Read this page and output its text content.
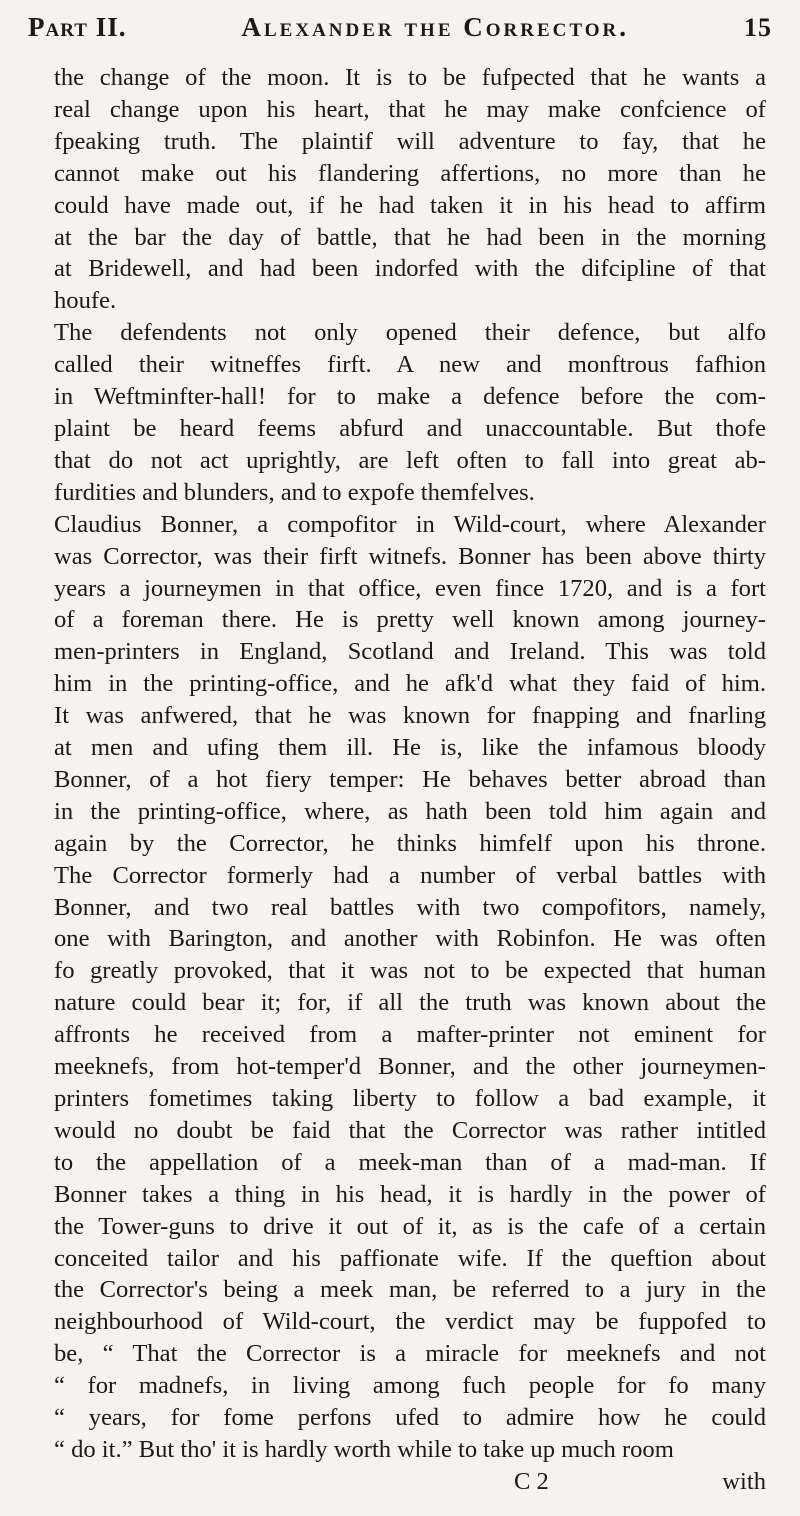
Part II.	Alexander the Corrector.	15
the change of the moon. It is to be fufpected that he wants a
real change upon his heart, that he may make confcience of
fpeaking truth. The plaintif will adventure to fay, that he
cannot make out his flandering affertions, no more than he
could have made out, if he had taken it in his head to affirm
at the bar the day of battle, that he had been in the morning
at Bridewell, and had been indorfed with the difcipline of that
houfe.
The defendents not only opened their defence, but alfo
called their witneffes firft. A new and monftrous fafhion
in Weftminfter-hall! for to make a defence before the com-
plaint be heard feems abfurd and unaccountable. But thofe
that do not act uprightly, are left often to fall into great ab-
furdities and blunders, and to expofe themfelves.
Claudius Bonner, a compofitor in Wild-court, where Alexander
was Corrector, was their firft witnefs. Bonner has been above thirty
years a journeymen in that office, even fince 1720, and is a fort
of a foreman there. He is pretty well known among journey-
men-printers in England, Scotland and Ireland. This was told
him in the printing-office, and he afk'd what they faid of him.
It was anfwered, that he was known for fnapping and fnarling
at men and ufing them ill. He is, like the infamous bloody
Bonner, of a hot fiery temper: He behaves better abroad than
in the printing-office, where, as hath been told him again and
again by the Corrector, he thinks himfelf upon his throne.
The Corrector formerly had a number of verbal battles with
Bonner, and two real battles with two compofitors, namely,
one with Barington, and another with Robinfon. He was often
fo greatly provoked, that it was not to be expected that human
nature could bear it; for, if all the truth was known about the
affronts he received from a mafter-printer not eminent for
meeknefs, from hot-temper'd Bonner, and the other journeymen-
printers fometimes taking liberty to follow a bad example, it
would no doubt be faid that the Corrector was rather intitled
to the appellation of a meek-man than of a mad-man. If
Bonner takes a thing in his head, it is hardly in the power of
the Tower-guns to drive it out of it, as is the cafe of a certain
conceited tailor and his paffionate wife. If the queftion about
the Corrector's being a meek man, be referred to a jury in the
neighbourhood of Wild-court, the verdict may be fuppofed to
be, “ That the Corrector is a miracle for meeknefs and not
“ for madnefs, in living among fuch people for fo many
“ years, for fome perfons ufed to admire how he could
“ do it.” But tho' it is hardly worth while to take up much room
C 2	with
